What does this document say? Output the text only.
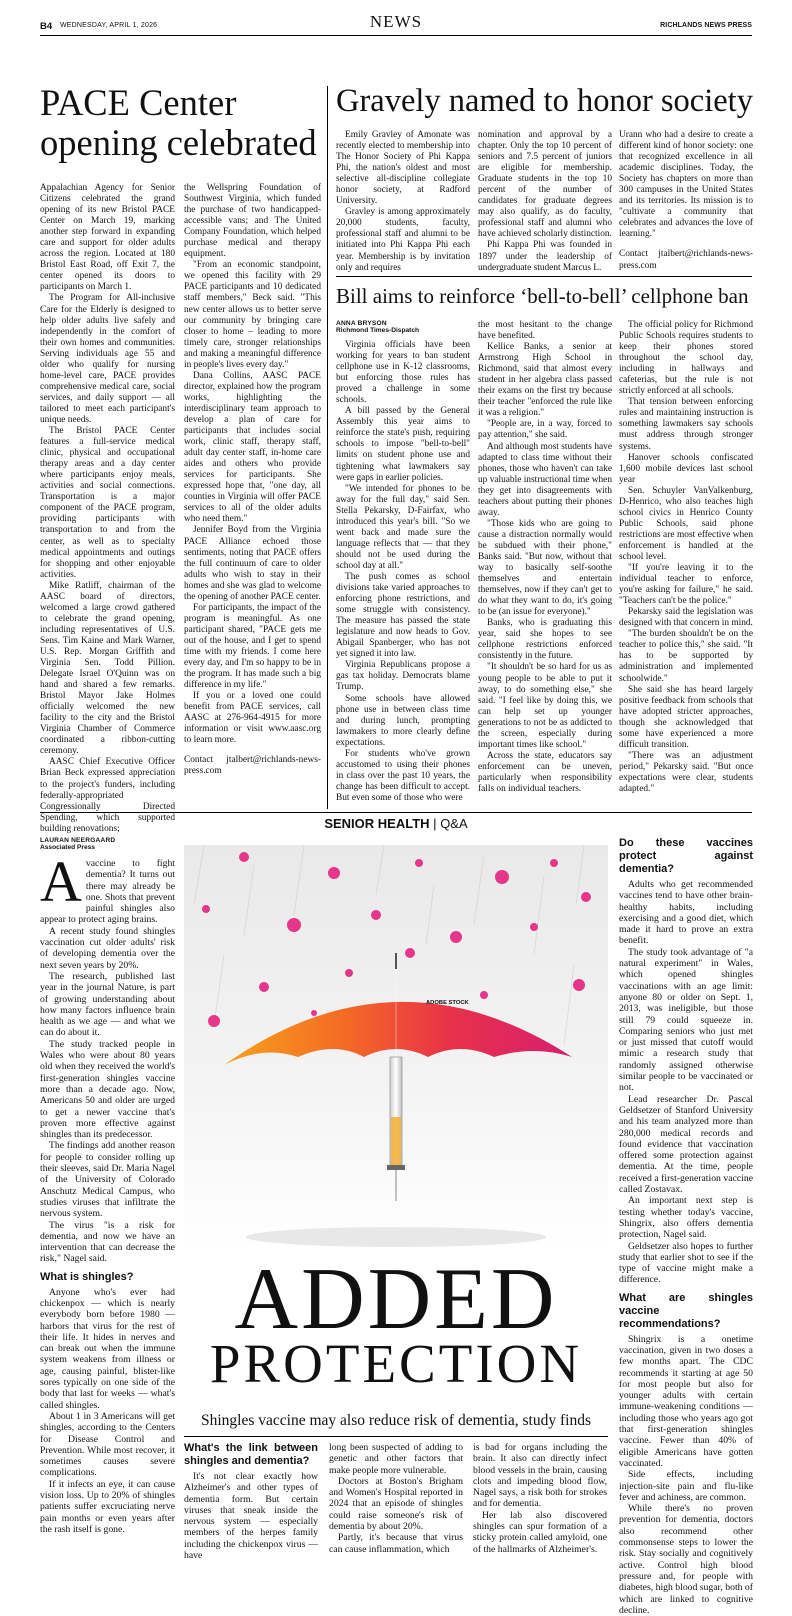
B4 WEDNESDAY, APRIL 1, 2026	NEWS	RICHLANDS NEWS PRESS
PACE Center opening celebrated

Appalachian Agency for Senior Citizens celebrated the grand opening of its new Bristol PACE Center on March 19, marking another step forward in expanding care and support for older adults across the region. Located at 180 Bristol East Road, off Exit 7, the center opened its doors to participants on March 1.

The Program for All-inclusive Care for the Elderly is designed to help older adults live safely and independently in the comfort of their own homes and communities. Serving individuals age 55 and older who qualify for nursing home-level care, PACE provides comprehensive medical care, social services, and daily support — all tailored to meet each participant's unique needs.

The Bristol PACE Center features a full-service medical clinic, physical and occupational therapy areas and a day center where participants enjoy meals, activities and social connections. Transportation is a major component of the PACE program, providing participants with transportation to and from the center, as well as to specialty medical appointments and outings for shopping and other enjoyable activities.

Mike Ratliff, chairman of the AASC board of directors, welcomed a large crowd gathered to celebrate the grand opening, including representatives of U.S. Sens. Tim Kaine and Mark Warner, U.S. Rep. Morgan Griffith and Virginia Sen. Todd Pillion. Delegate Israel O'Quinn was on hand and shared a few remarks. Bristol Mayor Jake Holmes officially welcomed the new facility to the city and the Bristol Virginia Chamber of Commerce coordinated a ribbon-cutting ceremony.

AASC Chief Executive Officer Brian Beck expressed appreciation to the project's funders, including federally-appropriated Congressionally Directed Spending, which supported building renovations;

the Wellspring Foundation of Southwest Virginia, which funded the purchase of two handicapped-accessible vans; and The United Company Foundation, which helped purchase medical and therapy equipment.

"From an economic standpoint, we opened this facility with 29 PACE participants and 10 dedicated staff members," Beck said. "This new center allows us to better serve our community by bringing care closer to home – leading to more timely care, stronger relationships and making a meaningful difference in people's lives every day."

Dana Collins, AASC PACE director, explained how the program works, highlighting the interdisciplinary team approach to develop a plan of care for participants that includes social work, clinic staff, therapy staff, adult day center staff, in-home care aides and others who provide services for participants. She expressed hope that, "one day, all counties in Virginia will offer PACE services to all of the older adults who need them."

Jennifer Boyd from the Virginia PACE Alliance echoed those sentiments, noting that PACE offers the full continuum of care to older adults who wish to stay in their homes and she was glad to welcome the opening of another PACE center.

For participants, the impact of the program is meaningful. As one participant shared, "PACE gets me out of the house, and I get to spend time with my friends. I come here every day, and I'm so happy to be in the program. It has made such a big difference in my life."

If you or a loved one could benefit from PACE services, call AASC at 276-964-4915 for more information or visit www.aasc.org to learn more.

Contact jtalbert@richlands-news-press.com

Gravely named to honor society

Emily Gravley of Amonate was recently elected to membership into The Honor Society of Phi Kappa Phi, the nation's oldest and most selective all-discipline collegiate honor society, at Radford University.

Gravley is among approximately 20,000 students, faculty, professional staff and alumni to be initiated into Phi Kappa Phi each year. Membership is by invitation only and requires

nomination and approval by a chapter. Only the top 10 percent of seniors and 7.5 percent of juniors are eligible for membership. Graduate students in the top 10 percent of the number of candidates for graduate degrees may also qualify, as do faculty, professional staff and alumni who have achieved scholarly distinction.

Phi Kappa Phi was founded in 1897 under the leadership of undergraduate student Marcus L.

Urann who had a desire to create a different kind of honor society: one that recognized excellence in all academic disciplines. Today, the Society has chapters on more than 300 campuses in the United States and its territories. Its mission is to "cultivate a community that celebrates and advances the love of learning."

Contact jtalbert@richlands-news-press.com

Bill aims to reinforce ‘bell-to-bell’ cellphone ban
ANNA BRYSON
Richmond Times-Dispatch

Virginia officials have been working for years to ban student cellphone use in K-12 classrooms, but enforcing those rules has proved a challenge in some schools.

A bill passed by the General Assembly this year aims to reinforce the state's push, requiring schools to impose "bell-to-bell" limits on student phone use and tightening what lawmakers say were gaps in earlier policies.

"We intended for phones to be away for the full day," said Sen. Stella Pekarsky, D-Fairfax, who introduced this year's bill. "So we went back and made sure the language reflects that — that they should not be used during the school day at all."

The push comes as school divisions take varied approaches to enforcing phone restrictions, and some struggle with consistency. The measure has passed the state legislature and now heads to Gov. Abigail Spanberger, who has not yet signed it into law.

Virginia Republicans propose a gas tax holiday. Democrats blame Trump.

Some schools have allowed phone use in between class time and during lunch, prompting lawmakers to more clearly define expectations.

For students who've grown accustomed to using their phones in class over the past 10 years, the change has been difficult to accept. But even some of those who were

the most hesitant to the change have benefited.

Kellice Banks, a senior at Armstrong High School in Richmond, said that almost every student in her algebra class passed their exams on the first try because their teacher "enforced the rule like it was a religion."

"People are, in a way, forced to pay attention," she said.

And although most students have adapted to class time without their phones, those who haven't can take up valuable instructional time when they get into disagreements with teachers about putting their phones away.

"Those kids who are going to cause a distraction normally would be subdued with their phone," Banks said. "But now, without that way to basically self-soothe themselves and entertain themselves, now if they can't get to do what they want to do, it's going to be (an issue for everyone)."

Banks, who is graduating this year, said she hopes to see cellphone restrictions enforced consistently in the future.

"It shouldn't be so hard for us as young people to be able to put it away, to do something else," she said. "I feel like by doing this, we can help set up younger generations to not be as addicted to the screen, especially during important times like school."

Across the state, educators say enforcement can be uneven, particularly when responsibility falls on individual teachers.

The official policy for Richmond Public Schools requires students to keep their phones stored throughout the school day, including in hallways and cafeterias, but the rule is not strictly enforced at all schools.

That tension between enforcing rules and maintaining instruction is something lawmakers say schools must address through stronger systems.

Hanover schools confiscated 1,600 mobile devices last school year

Sen. Schuyler VanValkenburg, D-Henrico, who also teaches high school civics in Henrico County Public Schools, said phone restrictions are most effective when enforcement is handled at the school level.

"If you're leaving it to the individual teacher to enforce, you're asking for failure," he said. "Teachers can't be the police."

Pekarsky said the legislation was designed with that concern in mind.

"The burden shouldn't be on the teacher to police this," she said. "It has to be supported by administration and implemented schoolwide."

She said she has heard largely positive feedback from schools that have adopted stricter approaches, though she acknowledged that some have experienced a more difficult transition.

"There was an adjustment period," Pekarsky said. "But once expectations were clear, students adapted."

SENIOR HEALTH | Q&A
LAURAN NEERGAARD
Associated Press

Avaccine to fight dementia? It turns out there may already be one. Shots that prevent painful shingles also appear to protect aging brains.

A recent study found shingles vaccination cut older adults' risk of developing dementia over the next seven years by 20%.

The research, published last year in the journal Nature, is part of growing understanding about how many factors influence brain health as we age — and what we can do about it.

The study tracked people in Wales who were about 80 years old when they received the world's first-generation shingles vaccine more than a decade ago. Now, Americans 50 and older are urged to get a newer vaccine that's proven more effective against shingles than its predecessor.

The findings add another reason for people to consider rolling up their sleeves, said Dr. Maria Nagel of the University of Colorado Anschutz Medical Campus, who studies viruses that infiltrate the nervous system.

The virus "is a risk for dementia, and now we have an intervention that can decrease the risk," Nagel said.

What is shingles?

Anyone who's ever had chickenpox — which is nearly everybody born before 1980 — harbors that virus for the rest of their life. It hides in nerves and can break out when the immune system weakens from illness or age, causing painful, blister-like sores typically on one side of the body that last for weeks — what's called shingles.

About 1 in 3 Americans will get shingles, according to the Centers for Disease Control and Prevention. While most recover, it sometimes causes severe complications.

If it infects an eye, it can cause vision loss. Up to 20% of shingles patients suffer excruciating nerve pain months or even years after the rash itself is gone.

ADOBE STOCK
ADDED
PROTECTION
Shingles vaccine may also reduce risk of dementia, study finds
What's the link between shingles and dementia?

It's not clear exactly how Alzheimer's and other types of dementia form. But certain viruses that sneak inside the nervous system — especially members of the herpes family including the chickenpox virus — have

long been suspected of adding to genetic and other factors that make people more vulnerable.

Doctors at Boston's Brigham and Women's Hospital reported in 2024 that an episode of shingles could raise someone's risk of dementia by about 20%.

Partly, it's because that virus can cause inflammation, which

is bad for organs including the brain. It also can directly infect blood vessels in the brain, causing clots and impeding blood flow, Nagel says, a risk both for strokes and for dementia.

Her lab also discovered shingles can spur formation of a sticky protein called amyloid, one of the hallmarks of Alzheimer's.

Do these vaccines protect against dementia?

Adults who get recommended vaccines tend to have other brain-healthy habits, including exercising and a good diet, which made it hard to prove an extra benefit.

The study took advantage of "a natural experiment" in Wales, which opened shingles vaccinations with an age limit: anyone 80 or older on Sept. 1, 2013, was ineligible, but those still 79 could squeeze in. Comparing seniors who just met or just missed that cutoff would mimic a research study that randomly assigned otherwise similar people to be vaccinated or not.

Lead researcher Dr. Pascal Geldsetzer of Stanford University and his team analyzed more than 280,000 medical records and found evidence that vaccination offered some protection against dementia. At the time, people received a first-generation vaccine called Zostavax.

An important next step is testing whether today's vaccine, Shingrix, also offers dementia protection, Nagel said.

Geldsetzer also hopes to further study that earlier shot to see if the type of vaccine might make a difference.

What are shingles vaccine recommendations?

Shingrix is a onetime vaccination, given in two doses a few months apart. The CDC recommends it starting at age 50 for most people but also for younger adults with certain immune-weakening conditions — including those who years ago got that first-generation shingles vaccine. Fewer than 40% of eligible Americans have gotten vaccinated.

Side effects, including injection-site pain and flu-like fever and achiness, are common.

While there's no proven prevention for dementia, doctors also recommend other commonsense steps to lower the risk. Stay socially and cognitively active. Control high blood pressure and, for people with diabetes, high blood sugar, both of which are linked to cognitive decline.
